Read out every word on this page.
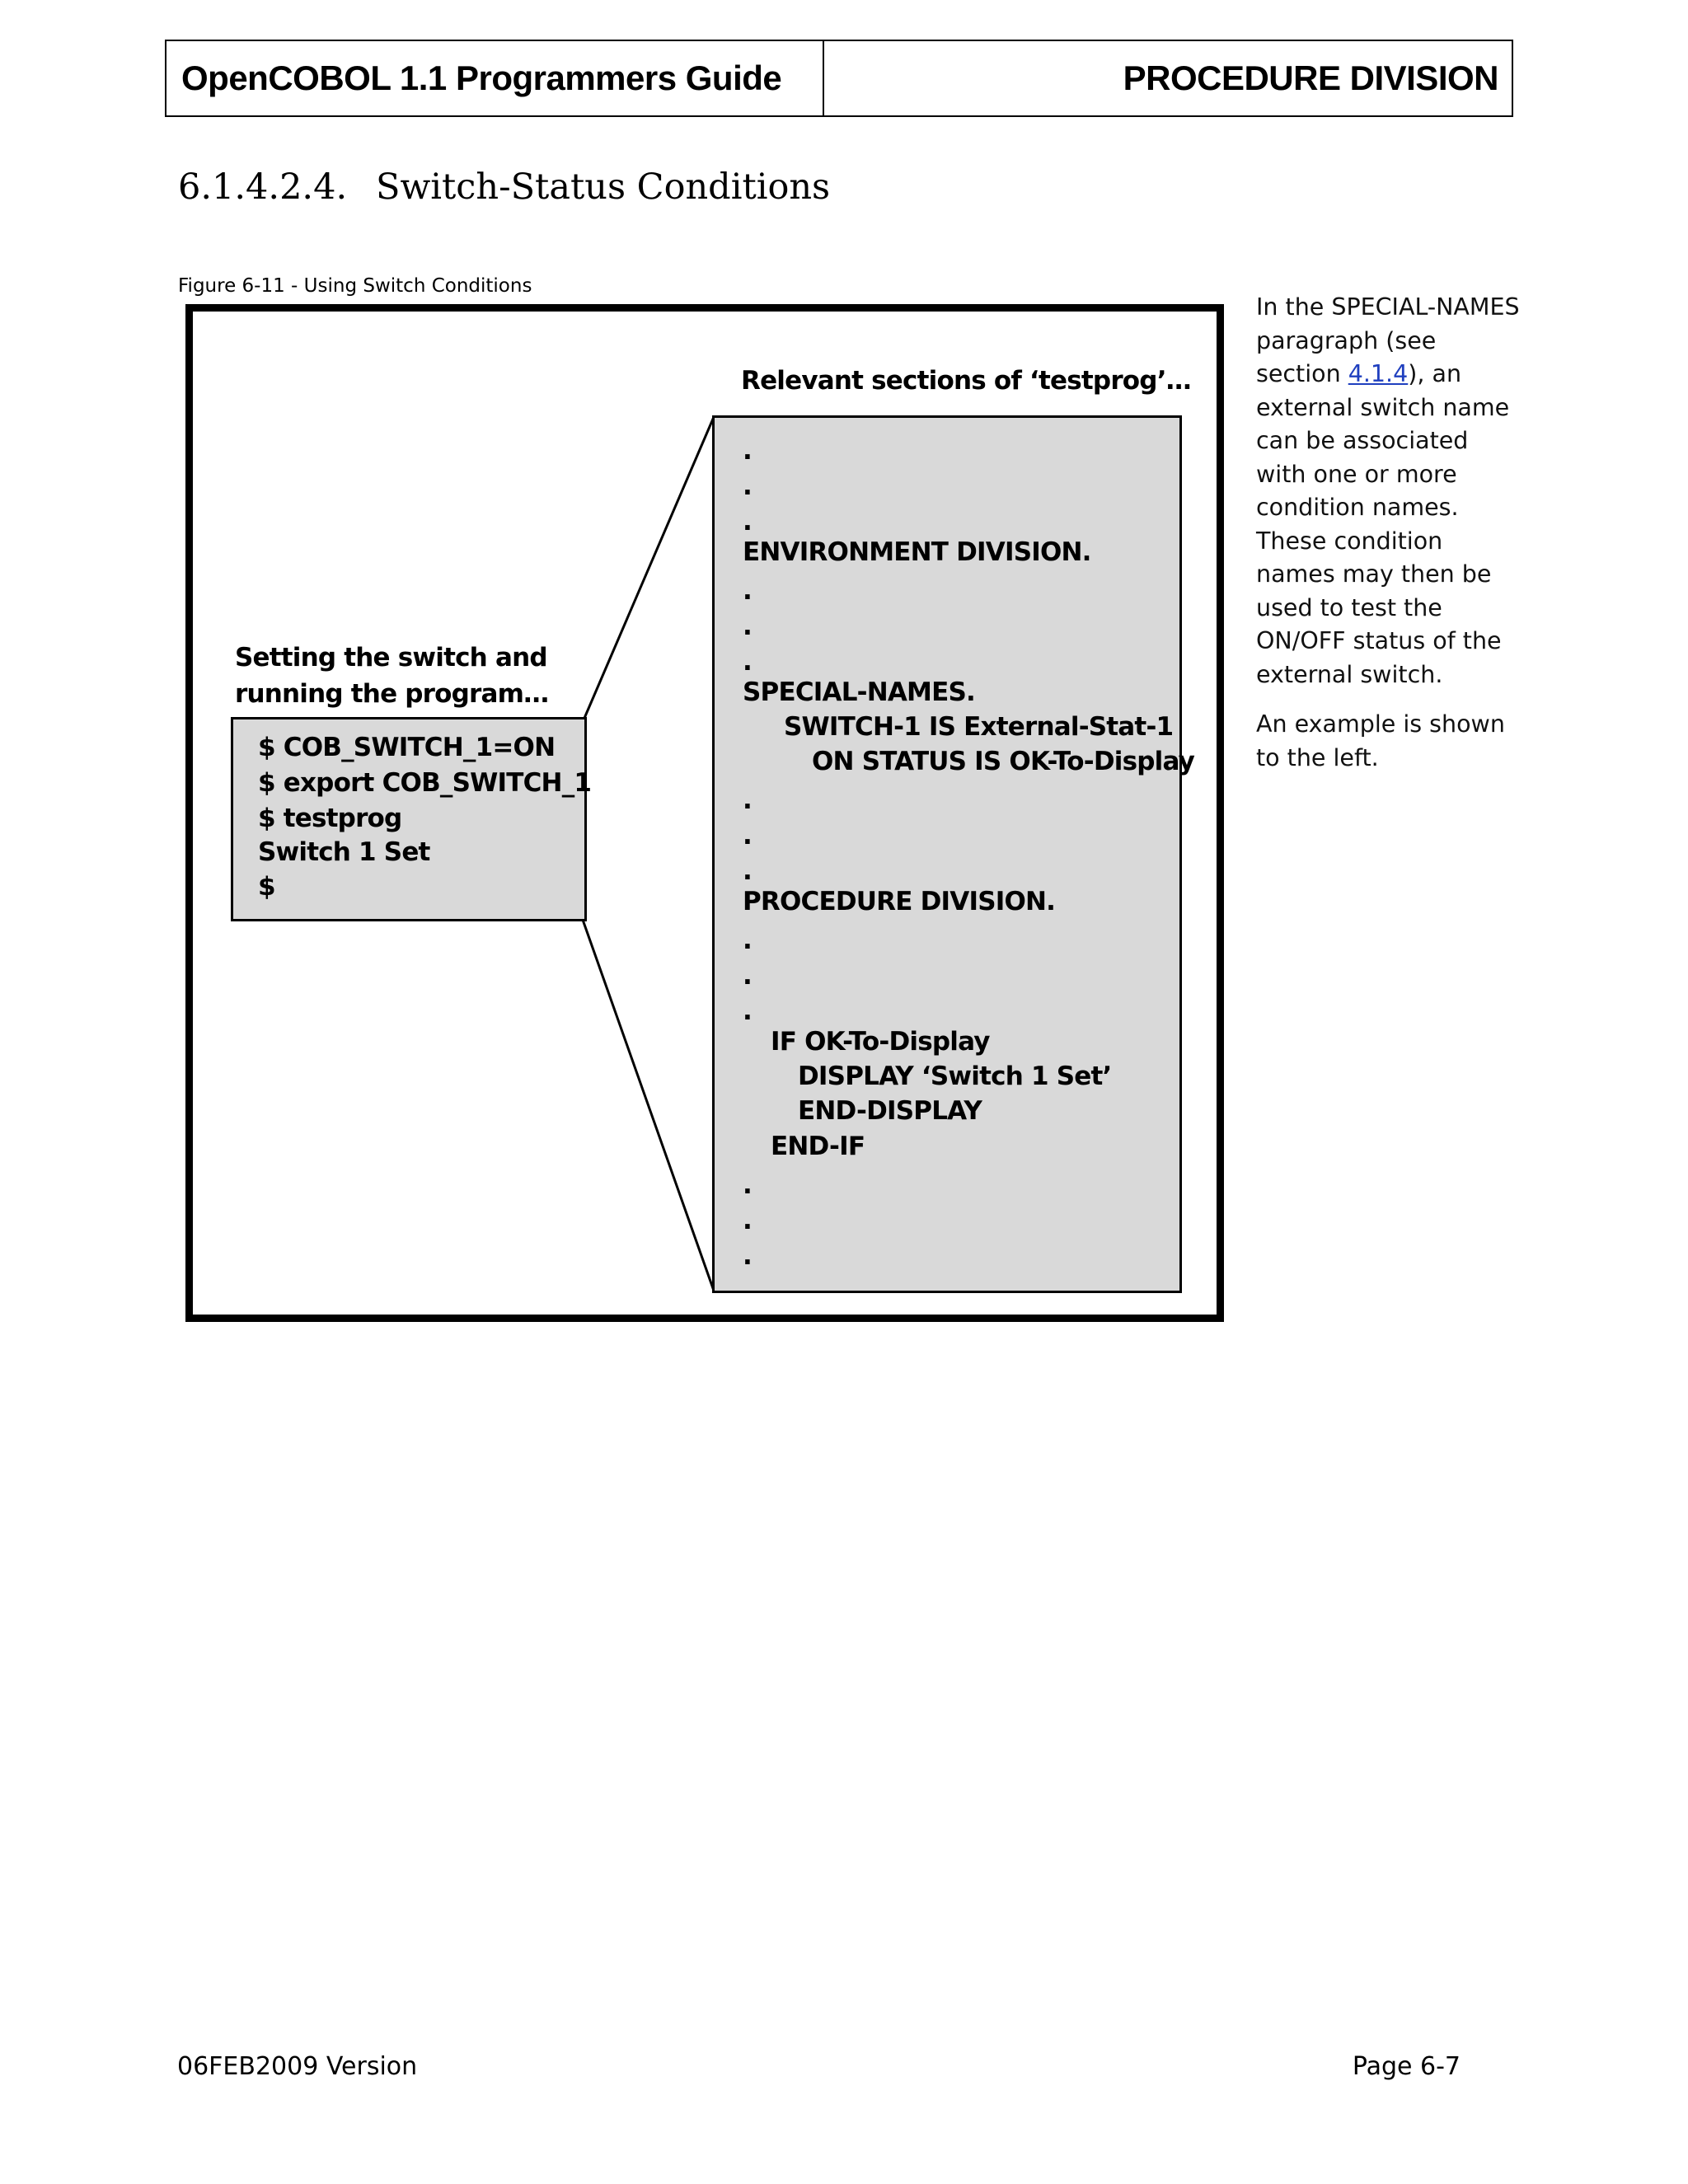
OpenCOBOL 1.1 Programmers Guide	PROCEDURE DIVISION
6.1.4.2.4. Switch-Status Conditions
Figure 6-11 - Using Switch Conditions
Relevant sections of ‘testprog’…
.
.
.
ENVIRONMENT DIVISION.
.
.
.
SPECIAL-NAMES.
SWITCH-1 IS External-Stat-1
ON STATUS IS OK-To-Display
.
.
.
PROCEDURE DIVISION.
.
.
.
IF OK-To-Display
DISPLAY ‘Switch 1 Set’
END-DISPLAY
END-IF
.
.
.
Setting the switch and
running the program…
$ COB_SWITCH_1=ON
$ export COB_SWITCH_1
$ testprog
Switch 1 Set
$

In the SPECIAL-NAMES paragraph (see section 4.1.4), an external switch name can be associated with one or more condition names. These condition names may then be used to test the ON/OFF status of the external switch.

An example is shown to the left.

06FEB2009 Version	Page 6-7
